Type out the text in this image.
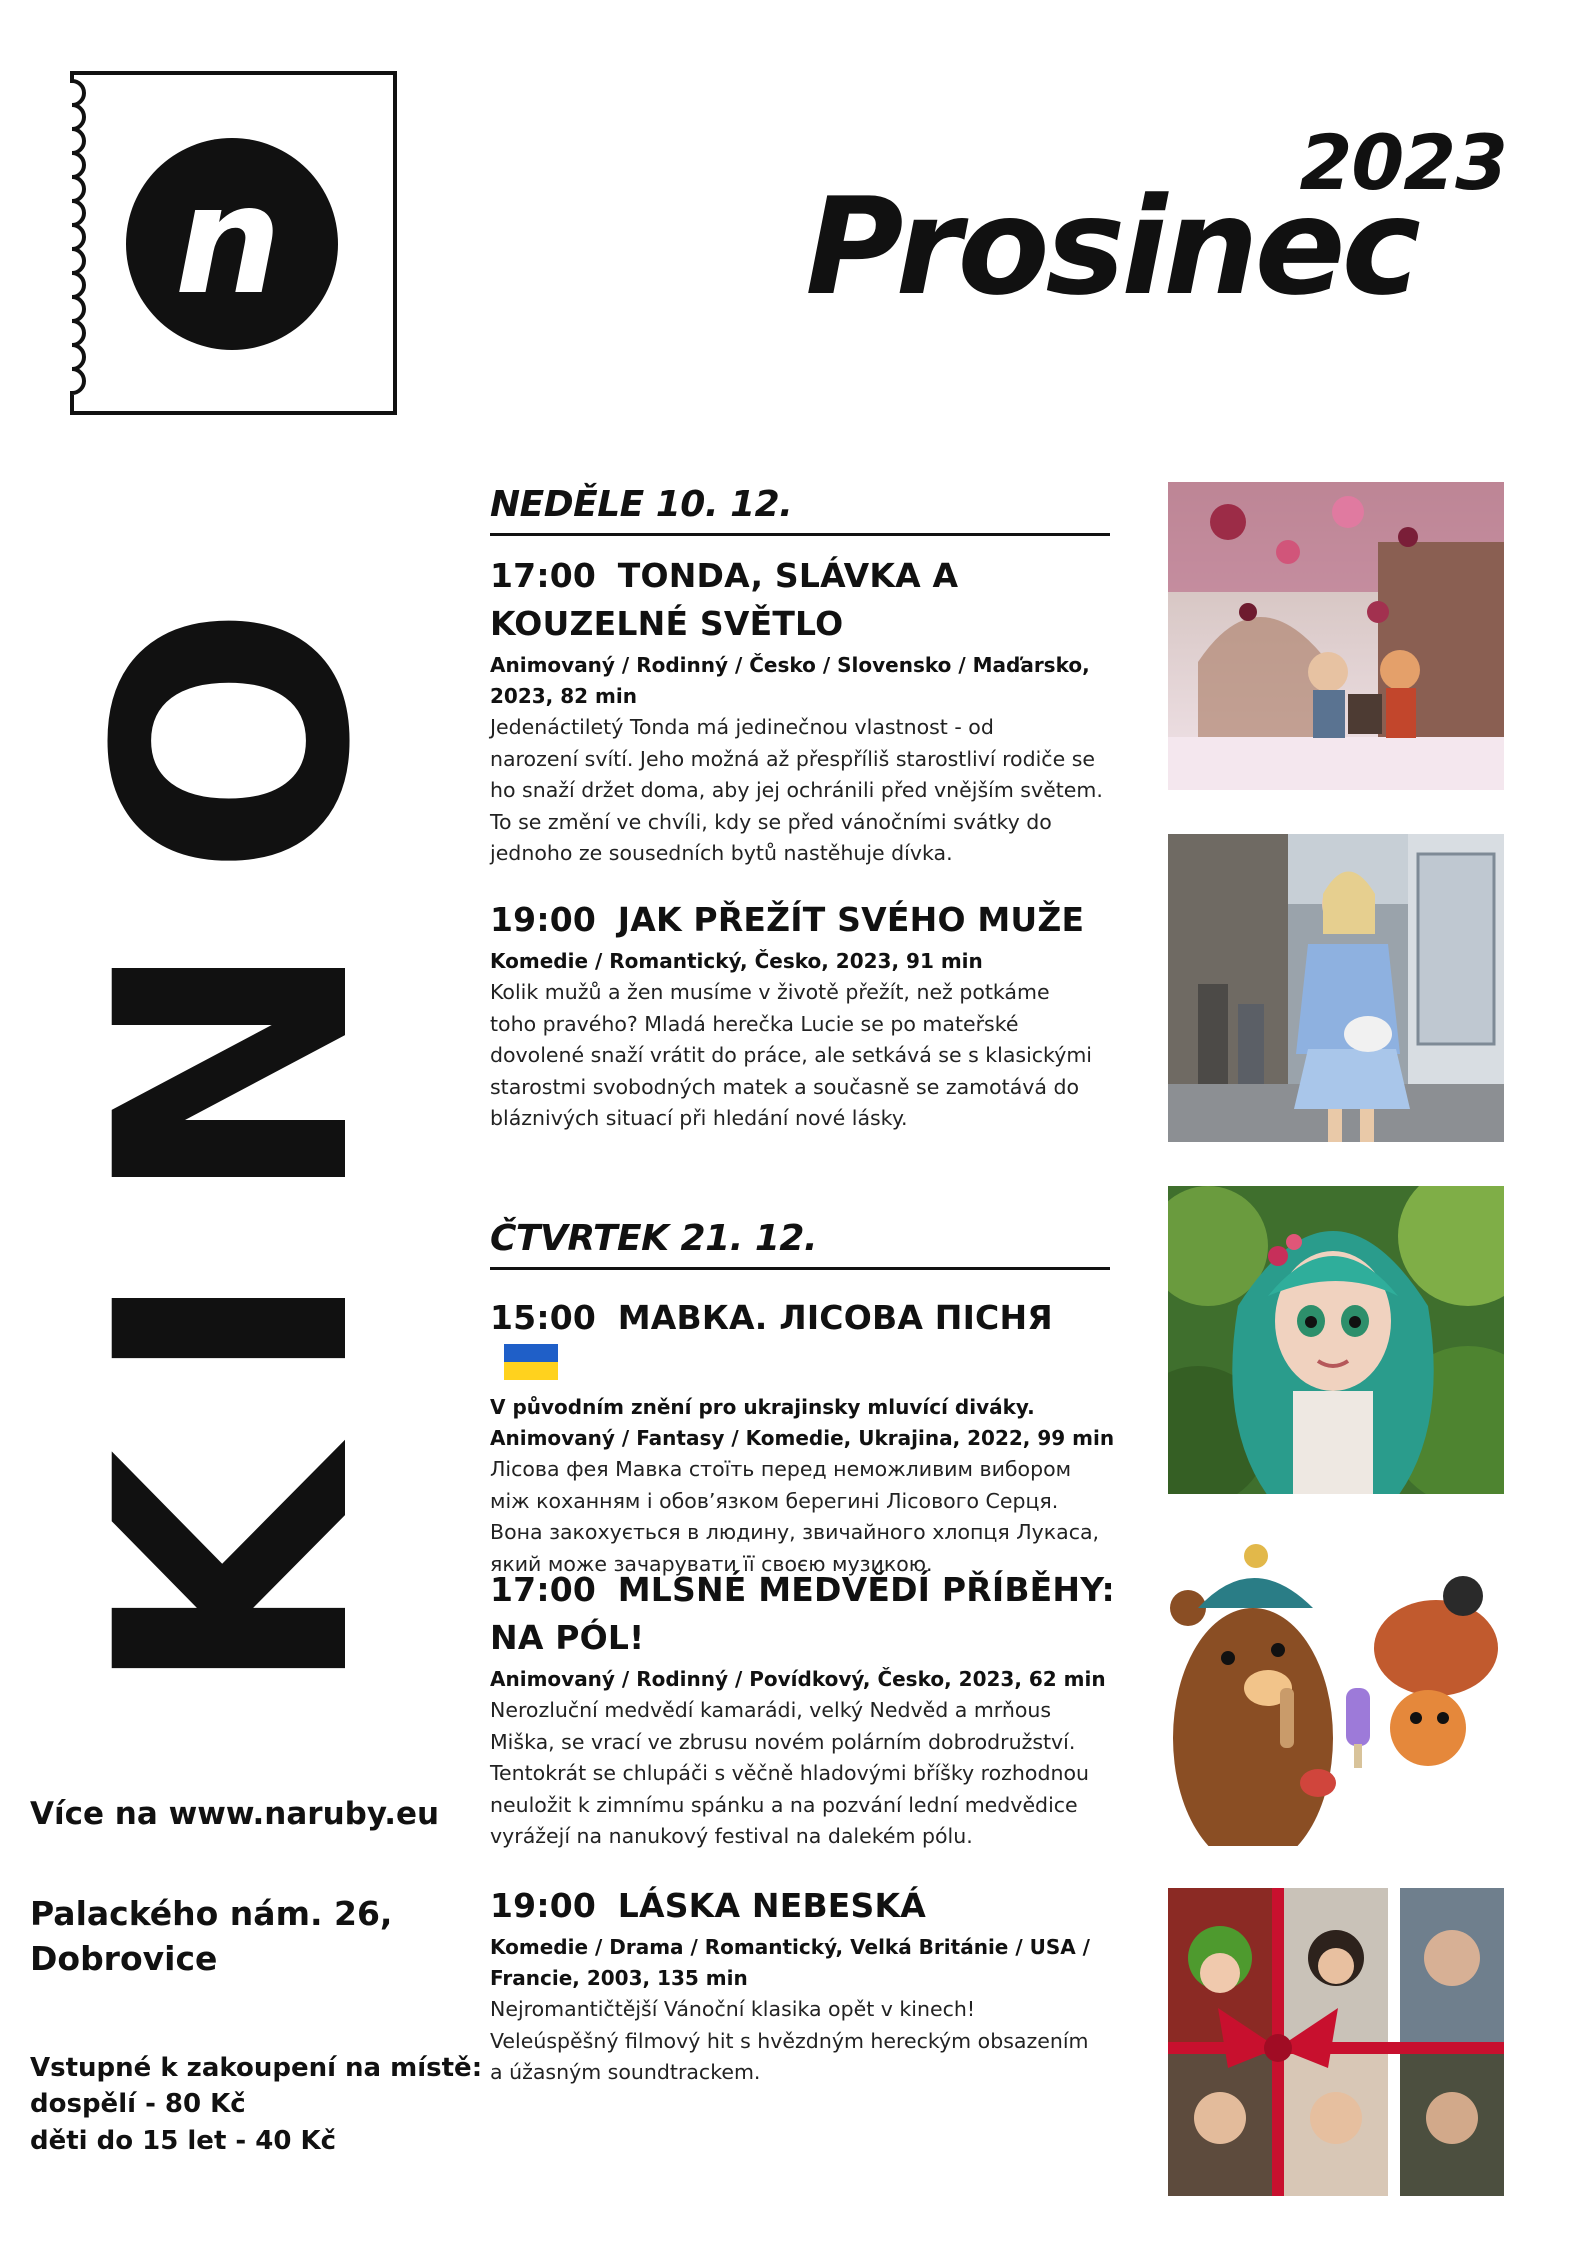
n	2023
Prosinec
KINO
Více na www.naruby.eu
Palackého nám. 26,
Dobrovice
Vstupné k zakoupení na místě:
dospělí - 80 Kč
děti do 15 let - 40 Kč
NEDĚLE 10. 12.
17:00 TONDA, SLÁVKA A
KOUZELNÉ SVĚTLO
Animovaný / Rodinný / Česko / Slovensko / Maďarsko,
2023, 82 min
Jedenáctiletý Tonda má jedinečnou vlastnost - od
narození svítí. Jeho možná až přespříliš starostliví rodiče se
ho snaží držet doma, aby jej ochránili před vnějším světem.
To se změní ve chvíli, kdy se před vánočními svátky do
jednoho ze sousedních bytů nastěhuje dívka.
19:00 JAK PŘEŽÍT SVÉHO MUŽE
Komedie / Romantický, Česko, 2023, 91 min
Kolik mužů a žen musíme v životě přežít, než potkáme
toho pravého? Mladá herečka Lucie se po mateřské
dovolené snaží vrátit do práce, ale setkává se s klasickými
starostmi svobodných matek a současně se zamotává do
bláznivých situací při hledání nové lásky.
ČTVRTEK 21. 12.
15:00 МАВКА. ЛІСОВА ПІСНЯ
V původním znění pro ukrajinsky mluvící diváky.
Animovaný / Fantasy / Komedie, Ukrajina, 2022, 99 min
Лісова фея Мавка стоїть перед неможливим вибором
між коханням і обов’язком берегині Лісового Серця.
Вона закохується в людину, звичайного хлопця Лукаса,
який може зачарувати її своєю музикою.
17:00 MLSNÉ MEDVĚDÍ PŘÍBĚHY:
NA PÓL!
Animovaný / Rodinný / Povídkový, Česko, 2023, 62 min
Nerozluční medvědí kamarádi, velký Nedvěd a mrňous
Miška, se vrací ve zbrusu novém polárním dobrodružství.
Tentokrát se chlupáči s věčně hladovými bříšky rozhodnou
neuložit k zimnímu spánku a na pozvání lední medvědice
vyrážejí na nanukový festival na dalekém pólu.
19:00 LÁSKA NEBESKÁ
Komedie / Drama / Romantický, Velká Británie / USA /
Francie, 2003, 135 min
Nejromantičtější Vánoční klasika opět v kinech!
Veleúspěšný filmový hit s hvězdným hereckým obsazením
a úžasným soundtrackem.
